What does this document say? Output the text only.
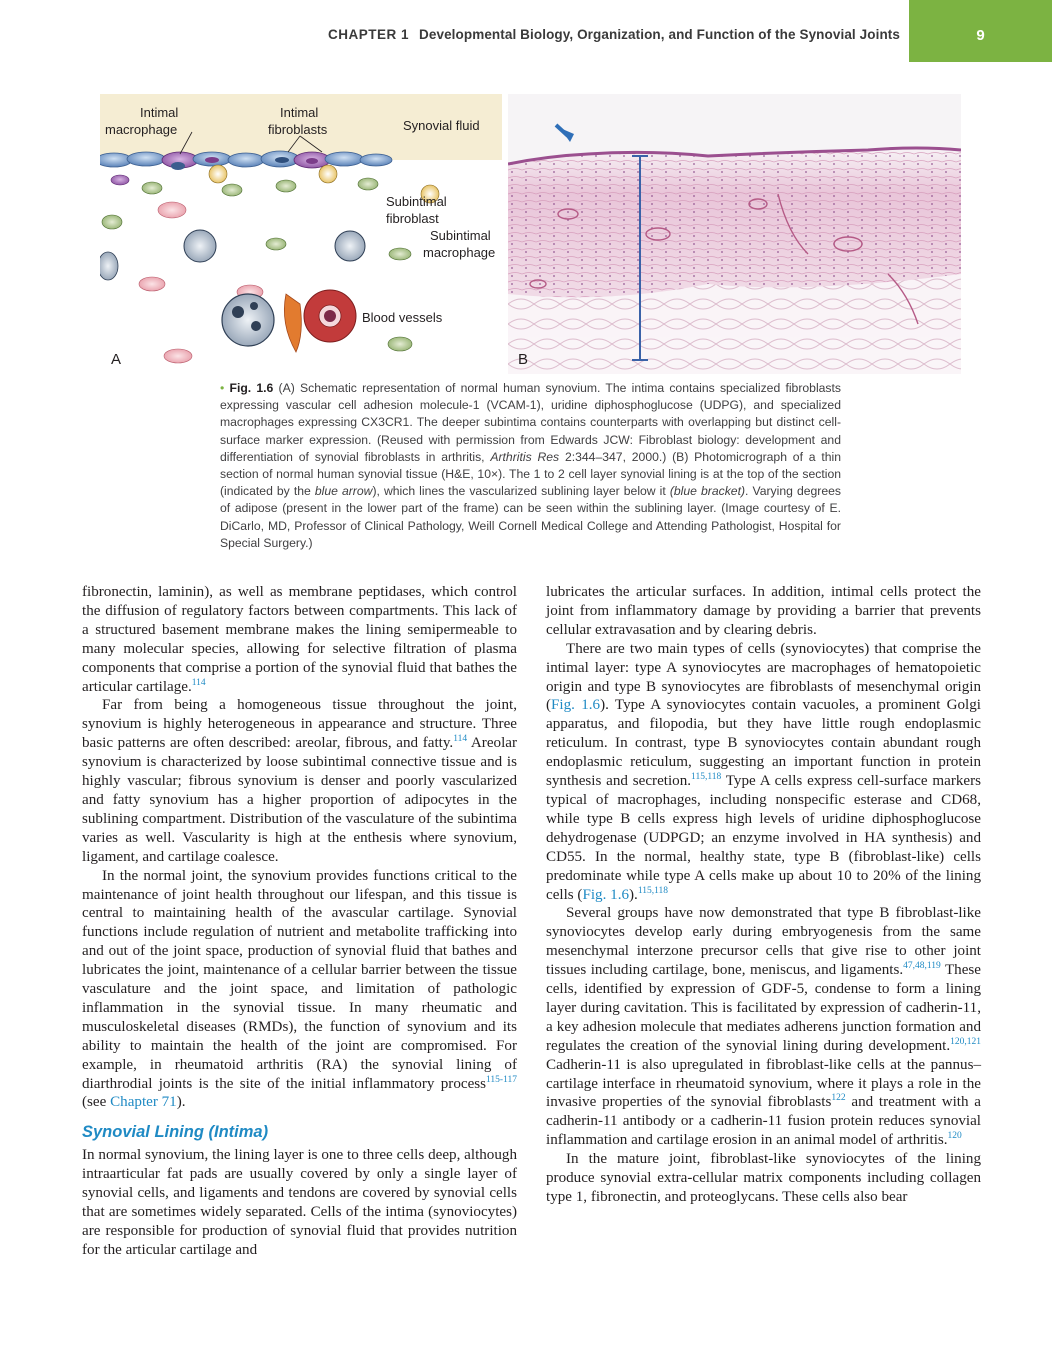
CHAPTER 1 Developmental Biology, Organization, and Function of the Synovial Joints	9
Intimal
macrophage
Intimal
fibroblasts	Synovial fluid
Subintimal
fibroblast
Subintimal
macrophage
Blood vessels
A	B
• Fig. 1.6 (A) Schematic representation of normal human synovium. The intima contains specialized fibroblasts expressing vascular cell adhesion molecule-1 (VCAM-1), uridine diphosphoglucose (UDPG), and specialized macrophages expressing CX3CR1. The deeper subintima contains counterparts with overlapping but distinct cell-surface marker expression. (Reused with permission from Edwards JCW: Fibroblast biology: development and differentiation of synovial fibroblasts in arthritis, Arthritis Res 2:344–347, 2000.) (B) Photomicrograph of a thin section of normal human synovial tissue (H&E, 10×). The 1 to 2 cell layer synovial lining is at the top of the section (indicated by the blue arrow), which lines the vascularized sublining layer below it (blue bracket). Varying degrees of adipose (present in the lower part of the frame) can be seen within the sublining layer. (Image courtesy of E. DiCarlo, MD, Professor of Clinical Pathology, Weill Cornell Medical College and Attending Pathologist, Hospital for Special Surgery.)

fibronectin, laminin), as well as membrane peptidases, which control the diffusion of regulatory factors between compartments. This lack of a structured basement membrane makes the lining semipermeable to many molecular species, allowing for selective filtration of plasma components that comprise a portion of the synovial fluid that bathes the articular cartilage.$^{114}$

Far from being a homogeneous tissue throughout the joint, synovium is highly heterogeneous in appearance and structure. Three basic patterns are often described: areolar, fibrous, and fatty.$^{114}$ Areolar synovium is characterized by loose subintimal connective tissue and is highly vascular; fibrous synovium is denser and poorly vascularized and fatty synovium has a higher proportion of adipocytes in the sublining compartment. Distribution of the vasculature of the subintima varies as well. Vascularity is high at the enthesis where synovium, ligament, and cartilage coalesce.

In the normal joint, the synovium provides functions critical to the maintenance of joint health throughout our lifespan, and this tissue is central to maintaining health of the avascular cartilage. Synovial functions include regulation of nutrient and metabolite trafficking into and out of the joint space, production of synovial fluid that bathes and lubricates the joint, maintenance of a cellular barrier between the tissue vasculature and the joint space, and limitation of pathologic inflammation in the synovial tissue. In many rheumatic and musculoskeletal diseases (RMDs), the function of synovium and its ability to maintain the health of the joint are compromised. For example, in rheumatoid arthritis (RA) the synovial lining of diarthrodial joints is the site of the initial inflammatory process$^{115-117}$ (see Chapter 71).

Synovial Lining (Intima)

In normal synovium, the lining layer is one to three cells deep, although intraarticular fat pads are usually covered by only a single layer of synovial cells, and ligaments and tendons are covered by synovial cells that are sometimes widely separated. Cells of the intima (synoviocytes) are responsible for production of synovial fluid that provides nutrition for the articular cartilage and

lubricates the articular surfaces. In addition, intimal cells protect the joint from inflammatory damage by providing a barrier that prevents cellular extravasation and by clearing debris.

There are two main types of cells (synoviocytes) that comprise the intimal layer: type A synoviocytes are macrophages of hematopoietic origin and type B synoviocytes are fibroblasts of mesenchymal origin (Fig. 1.6). Type A synoviocytes contain vacuoles, a prominent Golgi apparatus, and filopodia, but they have little rough endoplasmic reticulum. In contrast, type B synoviocytes contain abundant rough endoplasmic reticulum, suggesting an important function in protein synthesis and secretion.$^{115,118}$ Type A cells express cell-surface markers typical of macrophages, including nonspecific esterase and CD68, while type B cells express high levels of uridine diphosphoglucose dehydrogenase (UDPGD; an enzyme involved in HA synthesis) and CD55. In the normal, healthy state, type B (fibroblast-like) cells predominate while type A cells make up about 10 to 20% of the lining cells (Fig. 1.6).$^{115,118}$

Several groups have now demonstrated that type B fibroblast-like synoviocytes develop early during embryogenesis from the same mesenchymal interzone precursor cells that give rise to other joint tissues including cartilage, bone, meniscus, and ligaments.$^{47,48,119}$ These cells, identified by expression of GDF-5, condense to form a lining layer during cavitation. This is facilitated by expression of cadherin-11, a key adhesion molecule that mediates adherens junction formation and regulates the creation of the synovial lining during development.$^{120,121}$ Cadherin-11 is also upregulated in fibroblast-like cells at the pannus–cartilage interface in rheumatoid synovium, where it plays a role in the invasive properties of the synovial fibroblasts$^{122}$ and treatment with a cadherin-11 antibody or a cadherin-11 fusion protein reduces synovial inflammation and cartilage erosion in an animal model of arthritis.$^{120}$

In the mature joint, fibroblast-like synoviocytes of the lining produce synovial extra-cellular matrix components including collagen type 1, fibronectin, and proteoglycans. These cells also bear
